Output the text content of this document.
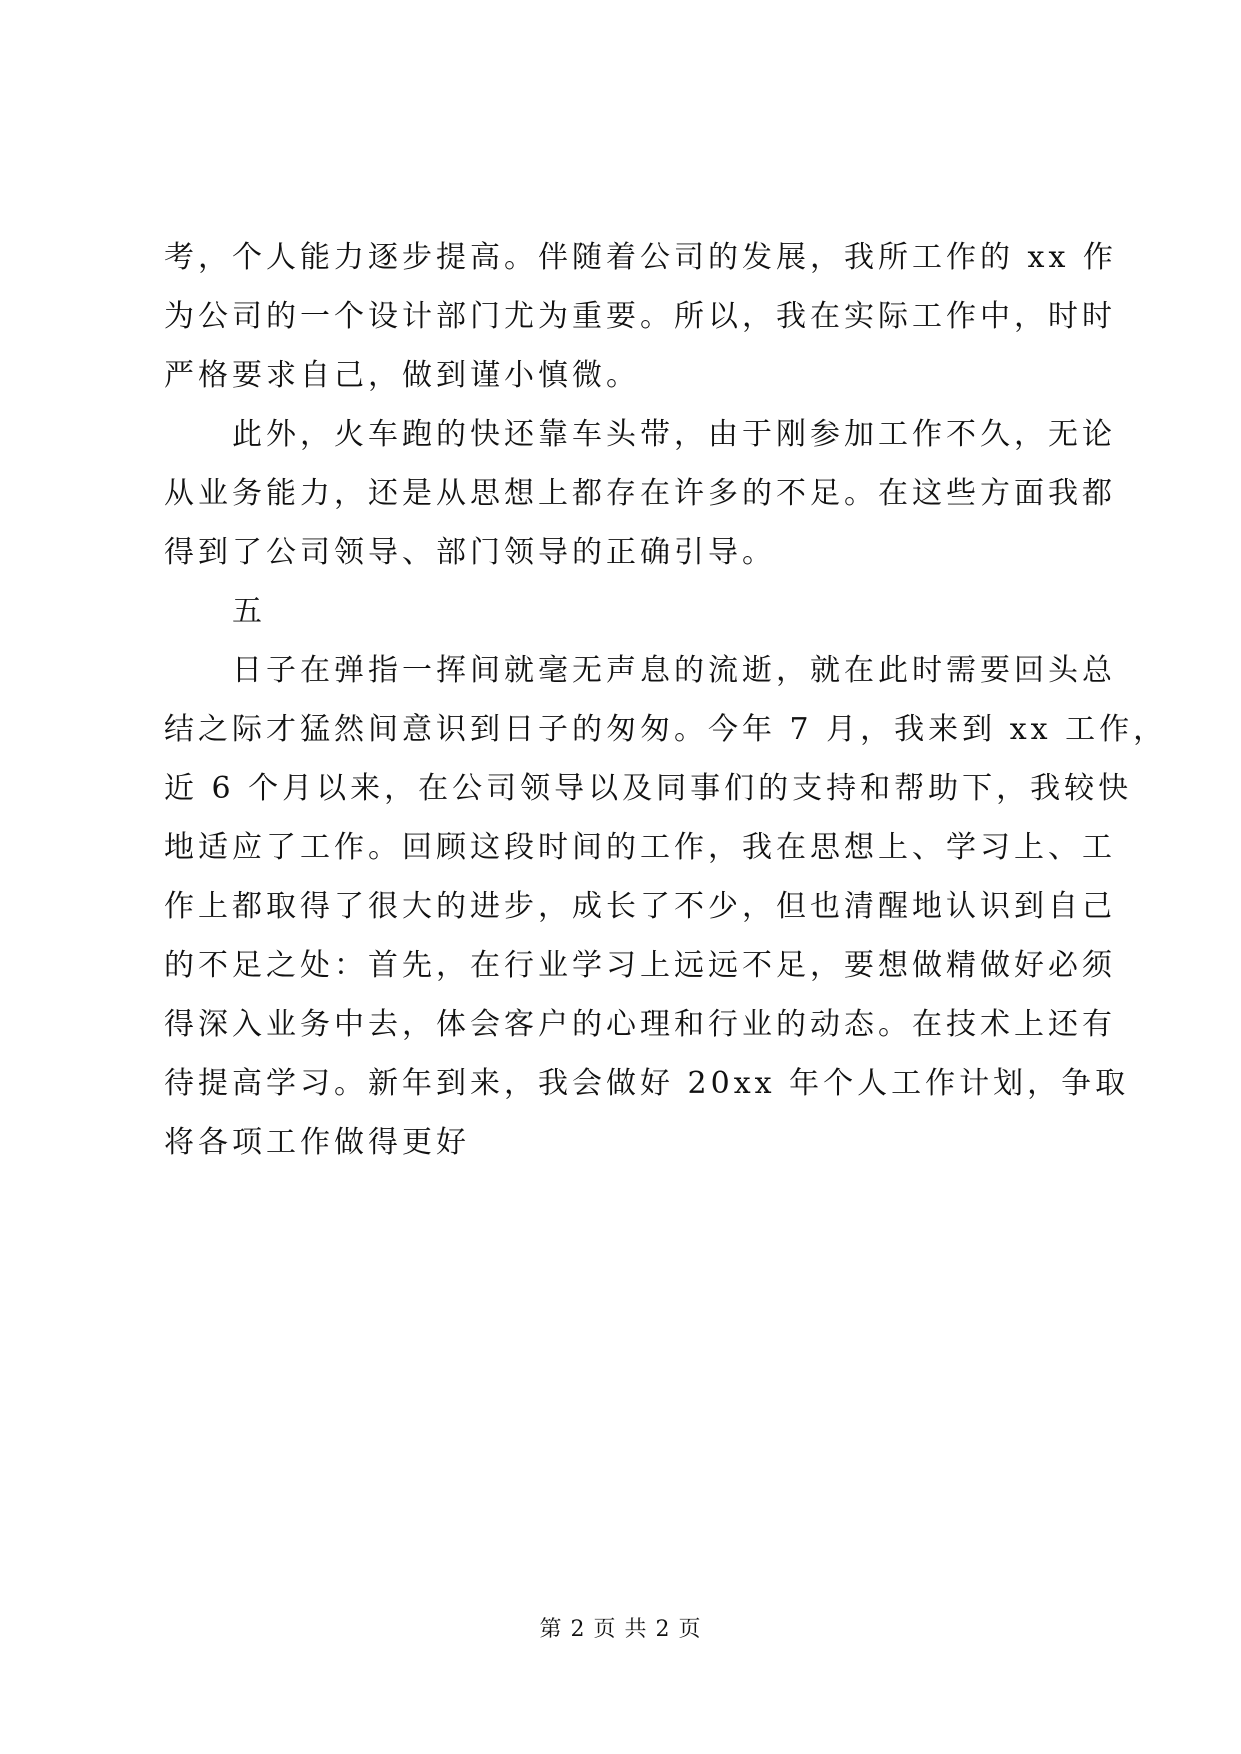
考，个人能力逐步提高。伴随着公司的发展，我所工作的 xx 作
为公司的一个设计部门尤为重要。所以，我在实际工作中，时时
严格要求自己，做到谨小慎微。
此外，火车跑的快还靠车头带，由于刚参加工作不久，无论
从业务能力，还是从思想上都存在许多的不足。在这些方面我都
得到了公司领导、部门领导的正确引导。
五
日子在弹指一挥间就毫无声息的流逝，就在此时需要回头总
结之际才猛然间意识到日子的匆匆。今年 7 月，我来到 xx 工作，
近 6 个月以来，在公司领导以及同事们的支持和帮助下，我较快
地适应了工作。回顾这段时间的工作，我在思想上、学习上、工
作上都取得了很大的进步，成长了不少，但也清醒地认识到自己
的不足之处：首先，在行业学习上远远不足，要想做精做好必须
得深入业务中去，体会客户的心理和行业的动态。在技术上还有
待提高学习。新年到来，我会做好 20xx 年个人工作计划，争取
将各项工作做得更好
第 2 页 共 2 页
